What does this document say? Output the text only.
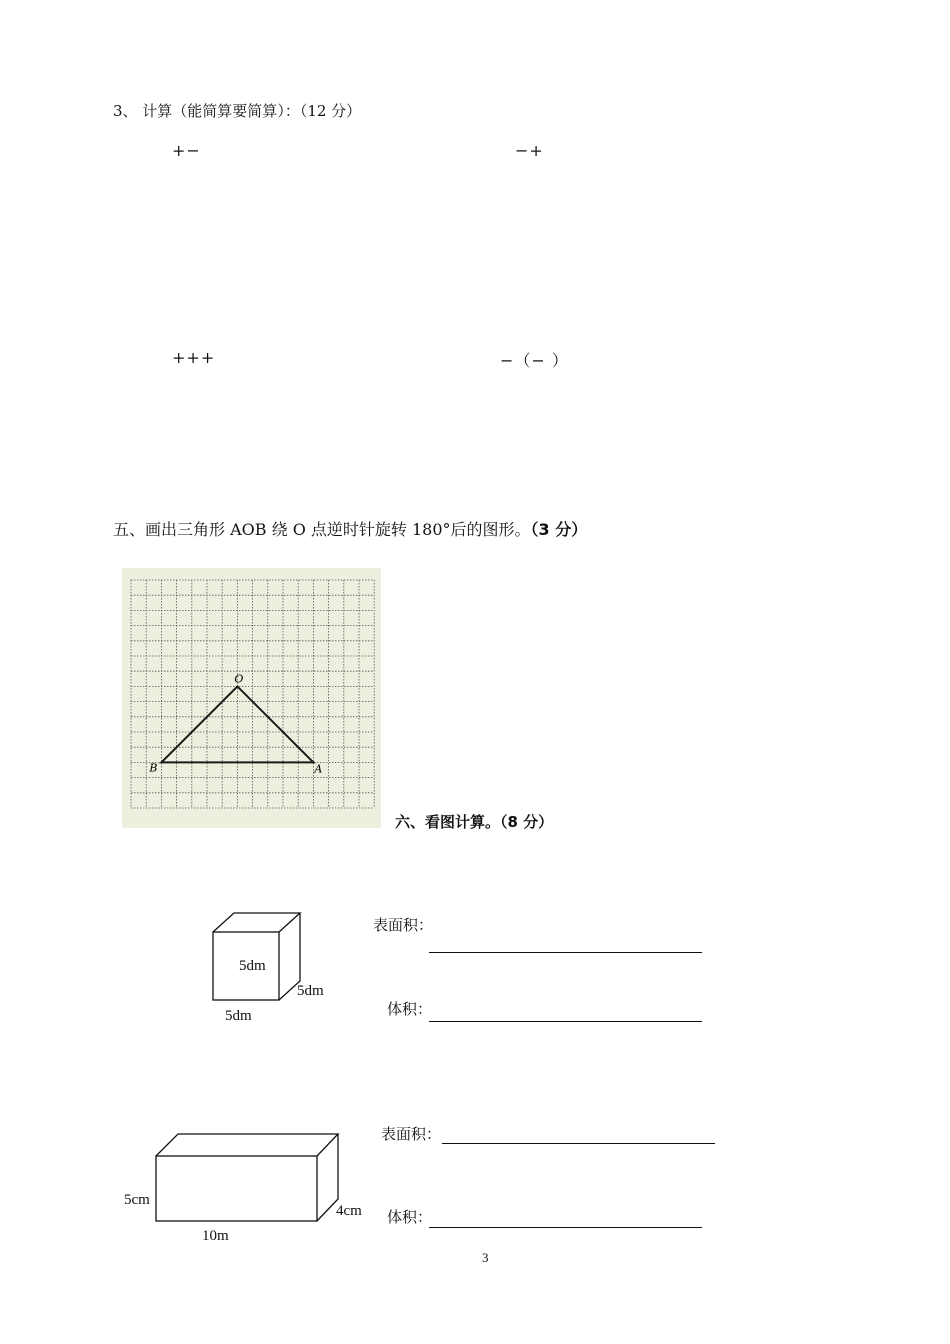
3、 计算（能简算要简算）：（12 分）
+−	−+
+++	−（− ）
五、画出三角形 AOB 绕 O 点逆时针旋转 180°后的图形。（3 分）
O
B	A
六、看图计算。（8 分）
5dm
5dm
5dm
表面积：
体积：
5cm
4cm
10m
表面积：
体积：
3
